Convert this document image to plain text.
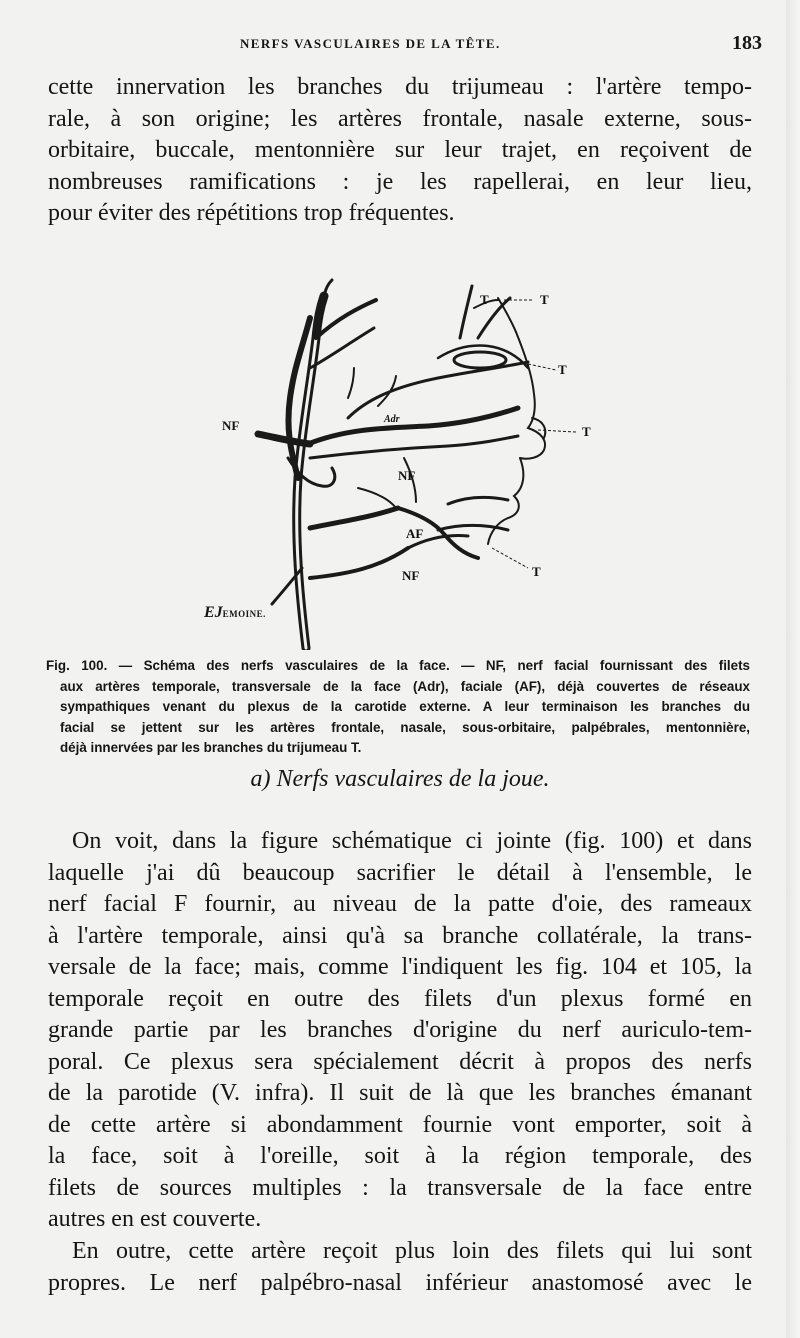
NERFS VASCULAIRES DE LA TÊTE.	183

cette innervation les branches du trijumeau : l'artère tempo-
rale, à son origine; les artères frontale, nasale externe, sous-
orbitaire, buccale, mentonnière sur leur trajet, en reçoivent de
nombreuses ramifications : je les rapellerai, en leur lieu,
pour éviter des répétitions trop fréquentes.

T	T
T
T
T
NF
NF
NF
Adr
AF
EJEMOINE.
Fig. 100. — Schéma des nerfs vasculaires de la face. — NF, nerf facial fournissant des filets
aux artères temporale, transversale de la face (Adr), faciale (AF), déjà couvertes de réseaux
sympathiques venant du plexus de la carotide externe. A leur terminaison les branches du
facial se jettent sur les artères frontale, nasale, sous-orbitaire, palpébrales, mentonnière,
déjà innervées par les branches du trijumeau T.
a) Nerfs vasculaires de la joue.

On voit, dans la figure schématique ci jointe (fig. 100) et dans
laquelle j'ai dû beaucoup sacrifier le détail à l'ensemble, le
nerf facial F fournir, au niveau de la patte d'oie, des rameaux
à l'artère temporale, ainsi qu'à sa branche collatérale, la trans-
versale de la face; mais, comme l'indiquent les fig. 104 et 105, la
temporale reçoit en outre des filets d'un plexus formé en
grande partie par les branches d'origine du nerf auriculo-tem-
poral. Ce plexus sera spécialement décrit à propos des nerfs
de la parotide (V. infra). Il suit de là que les branches émanant
de cette artère si abondamment fournie vont emporter, soit à
la face, soit à l'oreille, soit à la région temporale, des
filets de sources multiples : la transversale de la face entre
autres en est couverte.

En outre, cette artère reçoit plus loin des filets qui lui sont
propres. Le nerf palpébro-nasal inférieur anastomosé avec le
